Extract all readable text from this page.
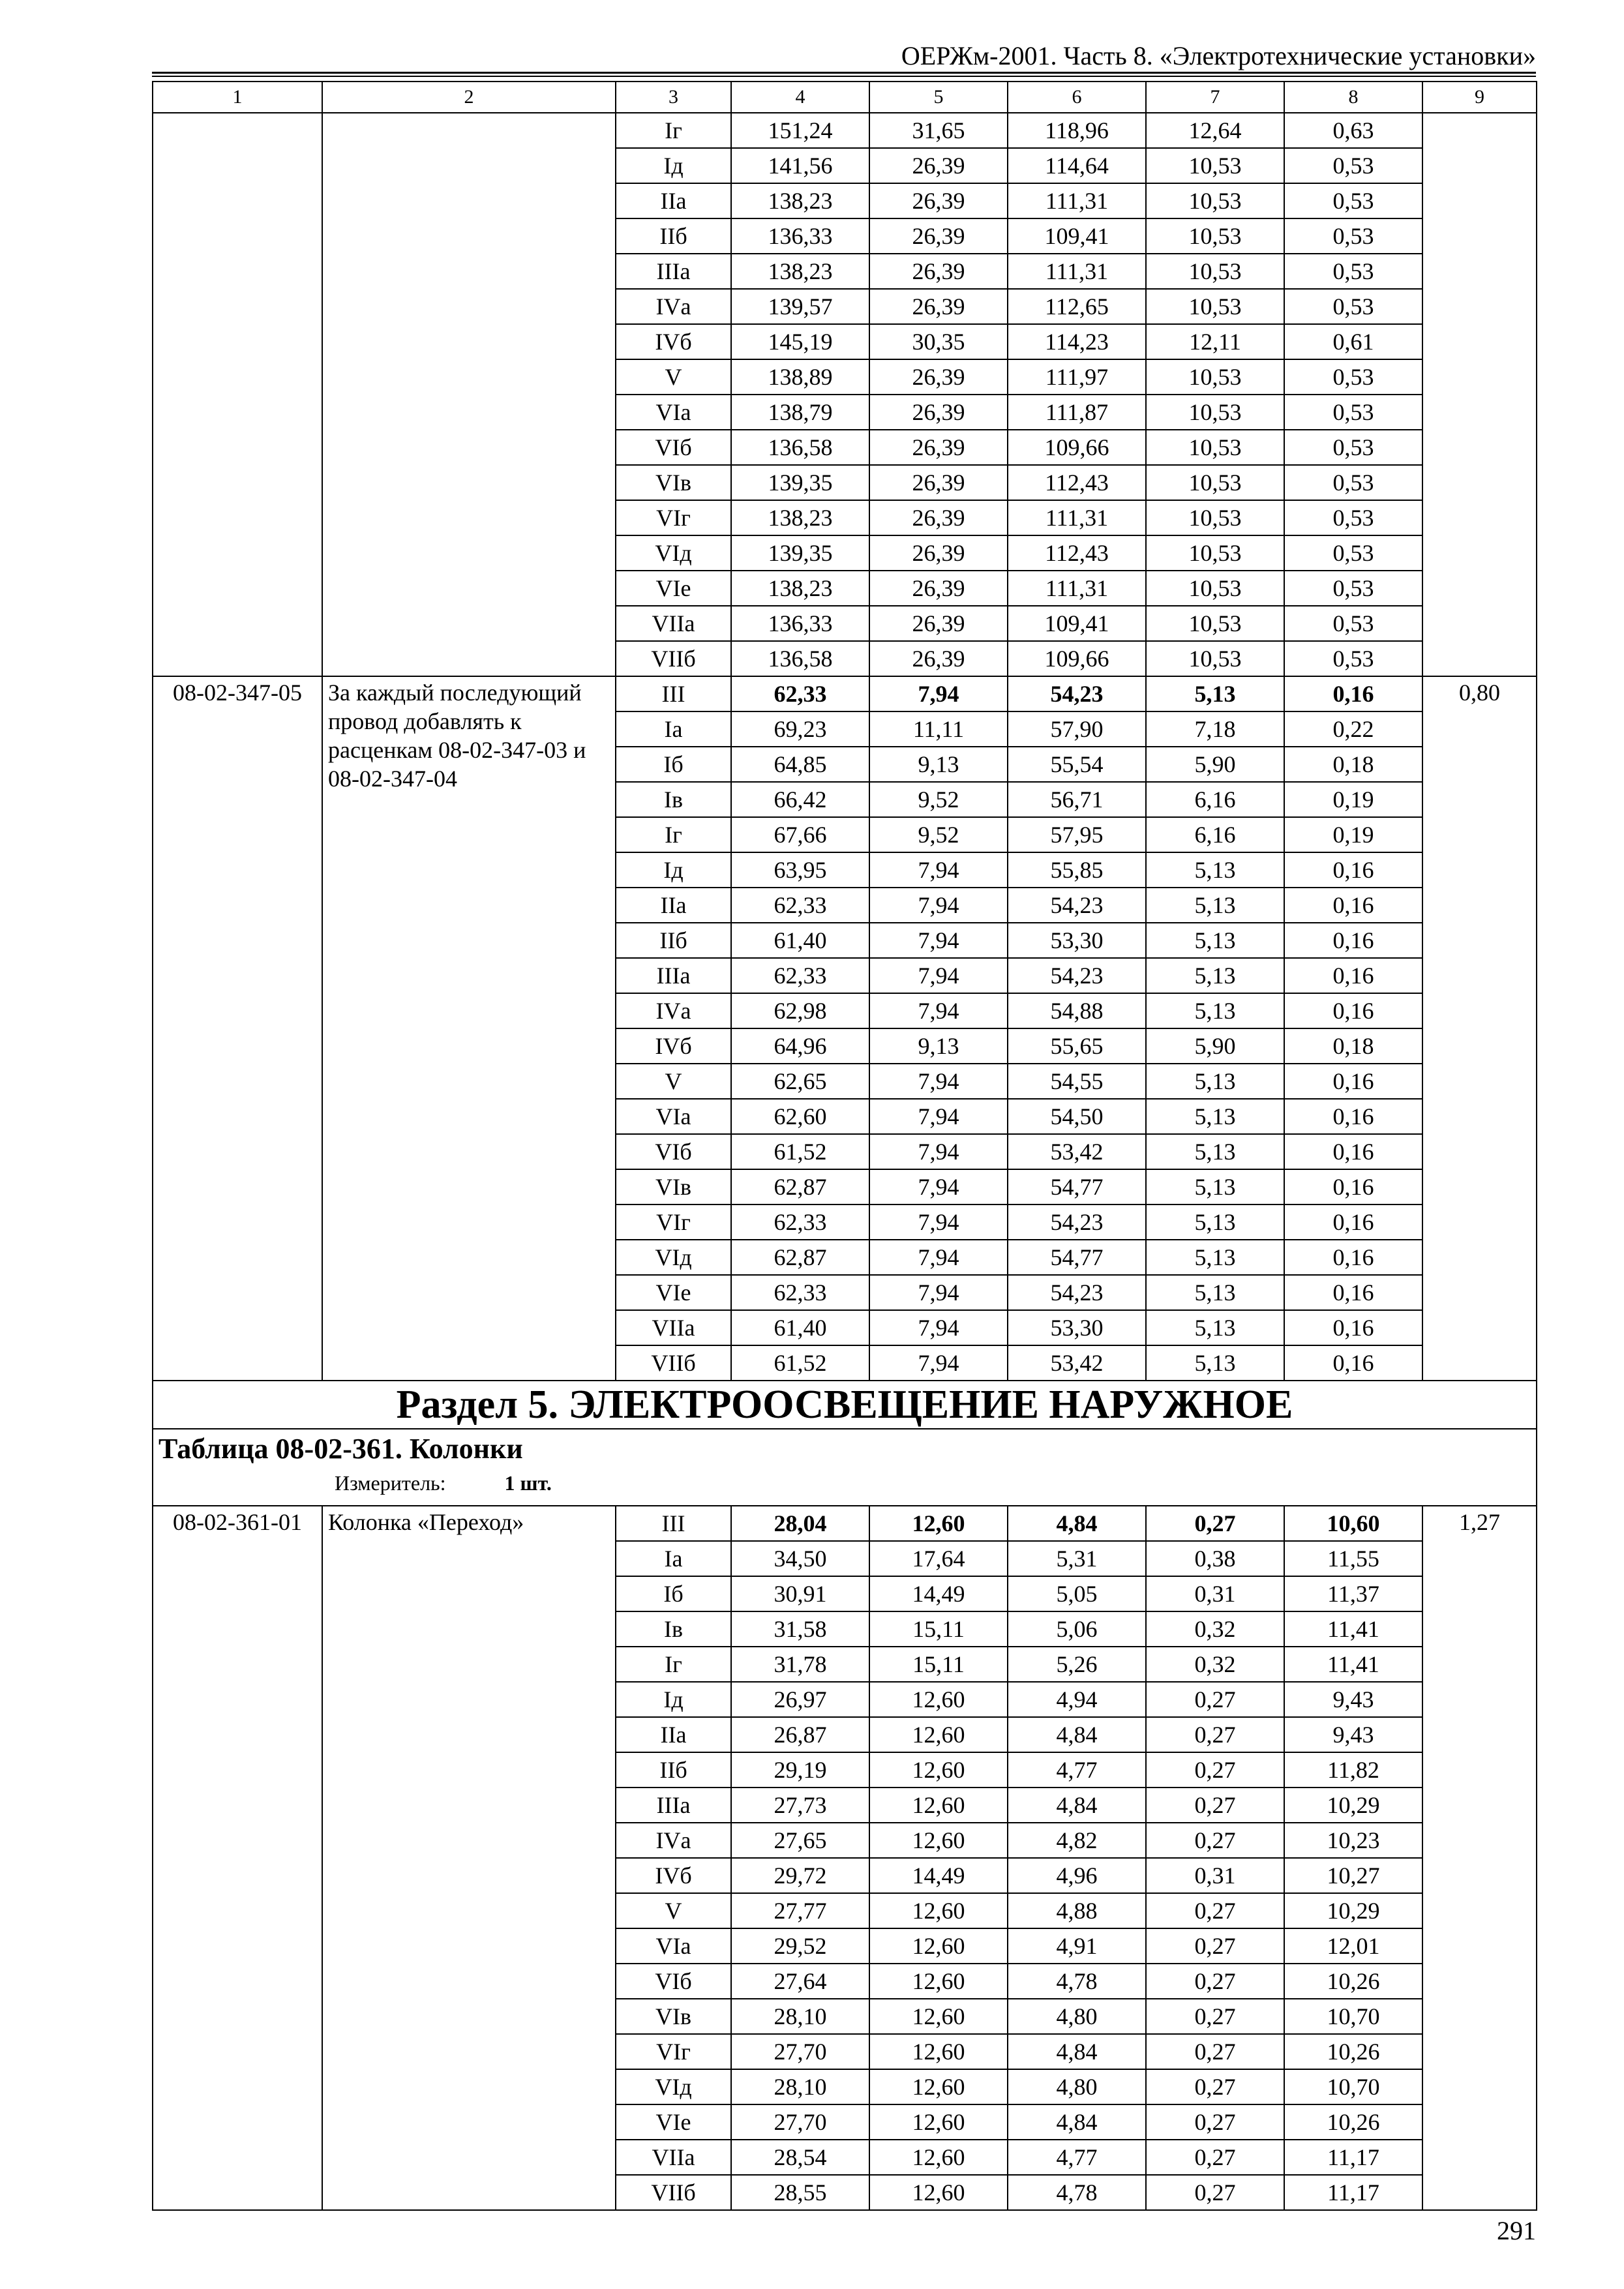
ОЕРЖм-2001. Часть 8. «Электротехнические установки»
1	2	3	4	5	6	7	8	9
		Iг	151,24	31,65	118,96	12,64	0,63	
		Iд	141,56	26,39	114,64	10,53	0,53	
		IIа	138,23	26,39	111,31	10,53	0,53	
		IIб	136,33	26,39	109,41	10,53	0,53	
		IIIа	138,23	26,39	111,31	10,53	0,53	
		IVа	139,57	26,39	112,65	10,53	0,53	
		IVб	145,19	30,35	114,23	12,11	0,61	
		V	138,89	26,39	111,97	10,53	0,53	
		VIа	138,79	26,39	111,87	10,53	0,53	
		VIб	136,58	26,39	109,66	10,53	0,53	
		VIв	139,35	26,39	112,43	10,53	0,53	
		VIг	138,23	26,39	111,31	10,53	0,53	
		VIд	139,35	26,39	112,43	10,53	0,53	
		VIе	138,23	26,39	111,31	10,53	0,53	
		VIIа	136,33	26,39	109,41	10,53	0,53	
		VIIб	136,58	26,39	109,66	10,53	0,53	
08-02-347-05	За каждый последующий провод добавлять к расценкам 08-02-347-03 и 08-02-347-04	III	62,33	7,94	54,23	5,13	0,16	0,80
		Iа	69,23	11,11	57,90	7,18	0,22	
		Iб	64,85	9,13	55,54	5,90	0,18	
		Iв	66,42	9,52	56,71	6,16	0,19	
		Iг	67,66	9,52	57,95	6,16	0,19	
		Iд	63,95	7,94	55,85	5,13	0,16	
		IIа	62,33	7,94	54,23	5,13	0,16	
		IIб	61,40	7,94	53,30	5,13	0,16	
		IIIа	62,33	7,94	54,23	5,13	0,16	
		IVа	62,98	7,94	54,88	5,13	0,16	
		IVб	64,96	9,13	55,65	5,90	0,18	
		V	62,65	7,94	54,55	5,13	0,16	
		VIа	62,60	7,94	54,50	5,13	0,16	
		VIб	61,52	7,94	53,42	5,13	0,16	
		VIв	62,87	7,94	54,77	5,13	0,16	
		VIг	62,33	7,94	54,23	5,13	0,16	
		VIд	62,87	7,94	54,77	5,13	0,16	
		VIе	62,33	7,94	54,23	5,13	0,16	
		VIIа	61,40	7,94	53,30	5,13	0,16	
		VIIб	61,52	7,94	53,42	5,13	0,16	
Раздел 5. ЭЛЕКТРООСВЕЩЕНИЕ НАРУЖНОЕ								

Таблица 08-02-361. Колонки
Измеритель: 1 шт.								

08-02-361-01	Колонка «Переход»	III	28,04	12,60	4,84	0,27	10,60	1,27
		Iа	34,50	17,64	5,31	0,38	11,55	
		Iб	30,91	14,49	5,05	0,31	11,37	
		Iв	31,58	15,11	5,06	0,32	11,41	
		Iг	31,78	15,11	5,26	0,32	11,41	
		Iд	26,97	12,60	4,94	0,27	9,43	
		IIа	26,87	12,60	4,84	0,27	9,43	
		IIб	29,19	12,60	4,77	0,27	11,82	
		IIIа	27,73	12,60	4,84	0,27	10,29	
		IVа	27,65	12,60	4,82	0,27	10,23	
		IVб	29,72	14,49	4,96	0,31	10,27	
		V	27,77	12,60	4,88	0,27	10,29	
		VIа	29,52	12,60	4,91	0,27	12,01	
		VIб	27,64	12,60	4,78	0,27	10,26	
		VIв	28,10	12,60	4,80	0,27	10,70	
		VIг	27,70	12,60	4,84	0,27	10,26	
		VIд	28,10	12,60	4,80	0,27	10,70	
		VIе	27,70	12,60	4,84	0,27	10,26	
		VIIа	28,54	12,60	4,77	0,27	11,17	
		VIIб	28,55	12,60	4,78	0,27	11,17	
291
